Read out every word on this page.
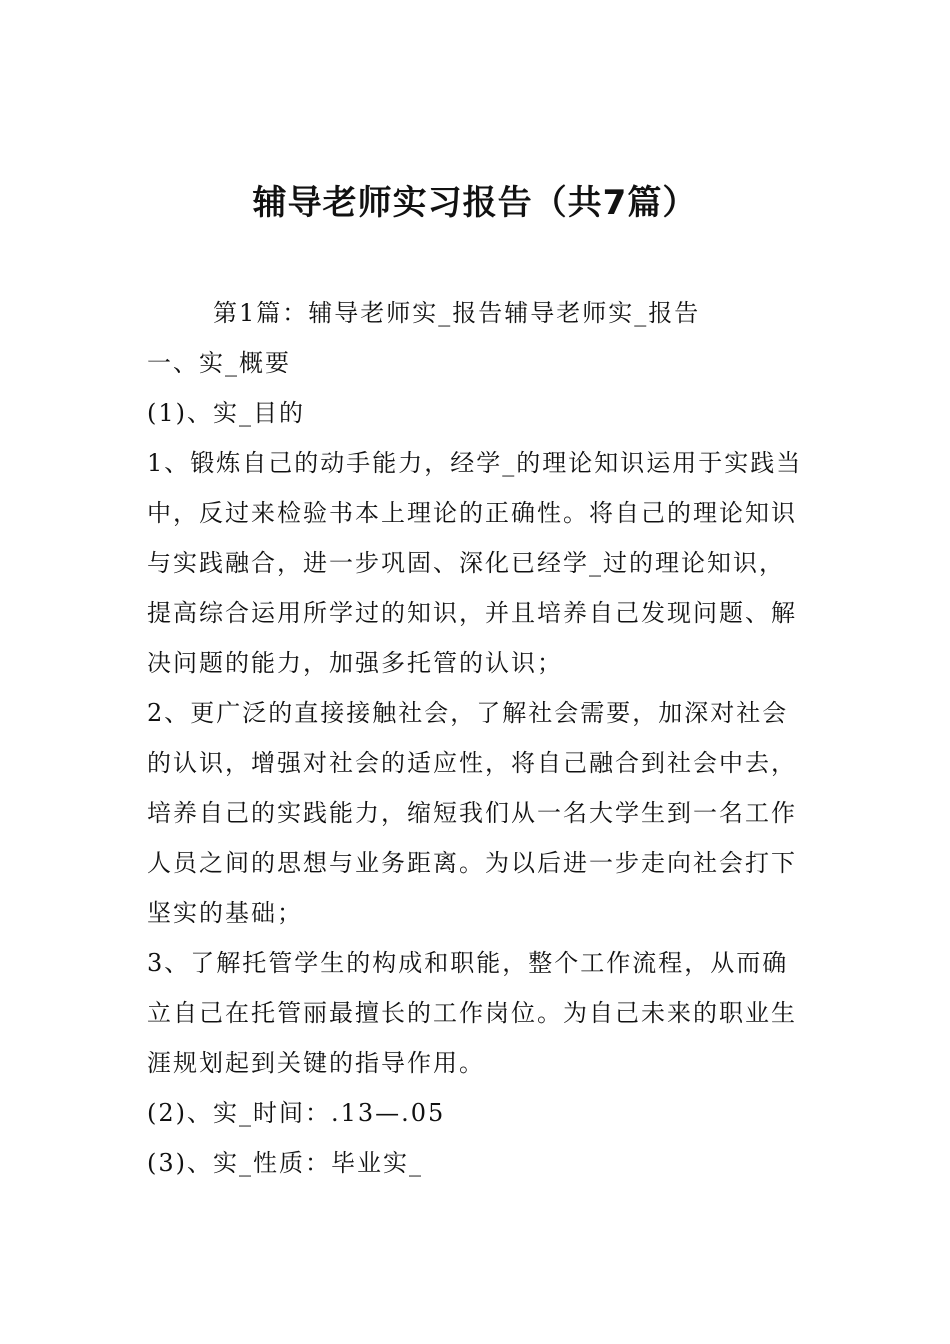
辅导老师实习报告（共7篇）

第1篇：辅导老师实_报告辅导老师实_报告

一、实_概要

(1)、实_目的

1、锻炼自己的动手能力，经学_的理论知识运用于实践当中，反过来检验书本上理论的正确性。将自己的理论知识与实践融合，进一步巩固、深化已经学_过的理论知识，提高综合运用所学过的知识，并且培养自己发现问题、解决问题的能力，加强多托管的认识；

2、更广泛的直接接触社会，了解社会需要，加深对社会的认识，增强对社会的适应性，将自己融合到社会中去，培养自己的实践能力，缩短我们从一名大学生到一名工作人员之间的思想与业务距离。为以后进一步走向社会打下坚实的基础；

3、了解托管学生的构成和职能，整个工作流程，从而确立自己在托管丽最擅长的工作岗位。为自己未来的职业生涯规划起到关键的指导作用。

(2)、实_时间：.13—.05

(3)、实_性质：毕业实_
